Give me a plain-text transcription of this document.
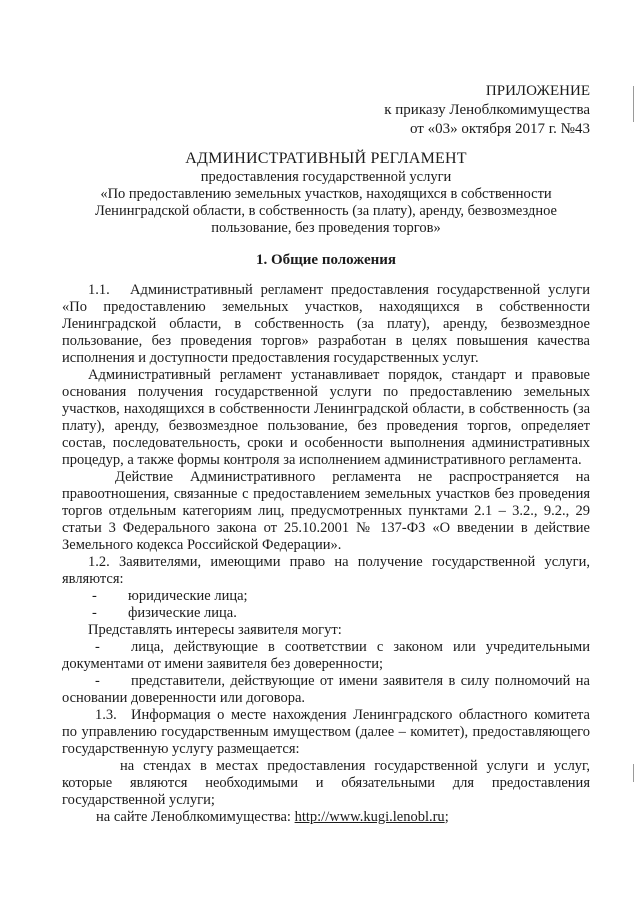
ПРИЛОЖЕНИЕ
к приказу Леноблкомимущества
от «03» октября 2017 г. №43
АДМИНИСТРАТИВНЫЙ РЕГЛАМЕНТ
предоставления государственной услуги
«По предоставлению земельных участков, находящихся в собственности
Ленинградской области, в собственность (за плату), аренду, безвозмездное
пользование, без проведения торгов»
1. Общие положения

1.1. Административный регламент предоставления государственной услуги «По предоставлению земельных участков, находящихся в собственности Ленинградской области, в собственность (за плату), аренду, безвозмездное пользование, без проведения торгов» разработан в целях повышения качества исполнения и доступности предоставления государственных услуг.

Административный регламент устанавливает порядок, стандарт и правовые основания получения государственной услуги по предоставлению земельных участков, находящихся в собственности Ленинградской области, в собственность (за плату), аренду, безвозмездное пользование, без проведения торгов, определяет состав, последовательность, сроки и особенности выполнения административных процедур, а также формы контроля за исполнением административного регламента.

Действие Административного регламента не распространяется на правоотношения, связанные с предоставлением земельных участков без проведения торгов отдельным категориям лиц, предусмотренных пунктами 2.1 – 3.2., 9.2., 29 статьи 3 Федерального закона от 25.10.2001 № 137-ФЗ «О введении в действие Земельного кодекса Российской Федерации».

1.2. Заявителями, имеющими право на получение государственной услуги, являются:

- юридические лица;

- физические лица.

Представлять интересы заявителя могут:

- лица, действующие в соответствии с законом или учредительными документами от имени заявителя без доверенности;

- представители, действующие от имени заявителя в силу полномочий на основании доверенности или договора.

1.3. Информация о месте нахождения Ленинградского областного комитета по управлению государственным имуществом (далее – комитет), предоставляющего государственную услугу размещается:

на стендах в местах предоставления государственной услуги и услуг, которые являются необходимыми и обязательными для предоставления государственной услуги;

на сайте Леноблкомимущества: http://www.kugi.lenobl.ru;
